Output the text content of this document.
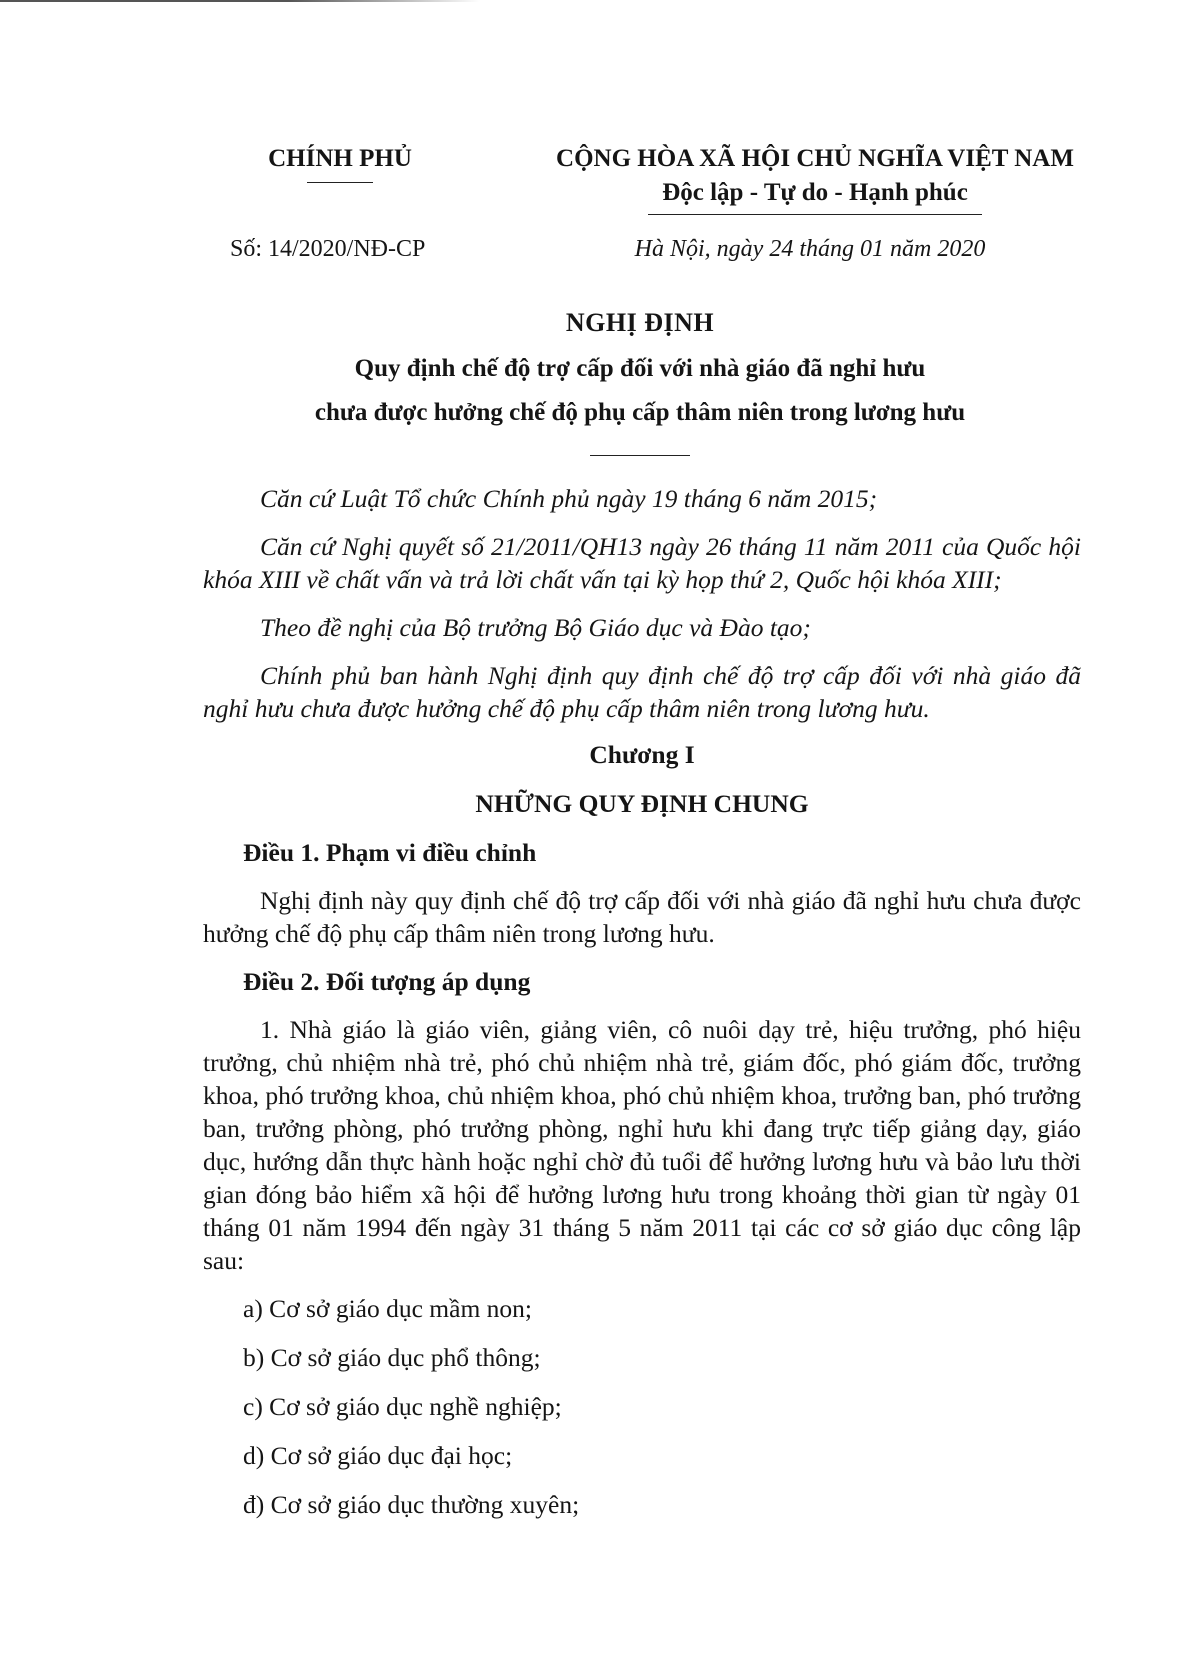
CHÍNH PHỦ	CỘNG HÒA XÃ HỘI CHỦ NGHĨA VIỆT NAM

Độc lập - Tự do - Hạnh phúc

Số: 14/2020/NĐ-CP	Hà Nội, ngày 24 tháng 01 năm 2020

NGHỊ ĐỊNH

Quy định chế độ trợ cấp đối với nhà giáo đã nghỉ hưu

chưa được hưởng chế độ phụ cấp thâm niên trong lương hưu

Căn cứ Luật Tổ chức Chính phủ ngày 19 tháng 6 năm 2015;

Căn cứ Nghị quyết số 21/2011/QH13 ngày 26 tháng 11 năm 2011 của Quốc hội khóa XIII về chất vấn và trả lời chất vấn tại kỳ họp thứ 2, Quốc hội khóa XIII;

Theo đề nghị của Bộ trưởng Bộ Giáo dục và Đào tạo;

Chính phủ ban hành Nghị định quy định chế độ trợ cấp đối với nhà giáo đã nghỉ hưu chưa được hưởng chế độ phụ cấp thâm niên trong lương hưu.

Chương I

NHỮNG QUY ĐỊNH CHUNG

Điều 1. Phạm vi điều chỉnh

Nghị định này quy định chế độ trợ cấp đối với nhà giáo đã nghỉ hưu chưa được hưởng chế độ phụ cấp thâm niên trong lương hưu.

Điều 2. Đối tượng áp dụng

1. Nhà giáo là giáo viên, giảng viên, cô nuôi dạy trẻ, hiệu trưởng, phó hiệu trưởng, chủ nhiệm nhà trẻ, phó chủ nhiệm nhà trẻ, giám đốc, phó giám đốc, trưởng khoa, phó trưởng khoa, chủ nhiệm khoa, phó chủ nhiệm khoa, trưởng ban, phó trưởng ban, trưởng phòng, phó trưởng phòng, nghỉ hưu khi đang trực tiếp giảng dạy, giáo dục, hướng dẫn thực hành hoặc nghỉ chờ đủ tuổi để hưởng lương hưu và bảo lưu thời gian đóng bảo hiểm xã hội để hưởng lương hưu trong khoảng thời gian từ ngày 01 tháng 01 năm 1994 đến ngày 31 tháng 5 năm 2011 tại các cơ sở giáo dục công lập sau:

a) Cơ sở giáo dục mầm non;

b) Cơ sở giáo dục phổ thông;

c) Cơ sở giáo dục nghề nghiệp;

d) Cơ sở giáo dục đại học;

đ) Cơ sở giáo dục thường xuyên;
